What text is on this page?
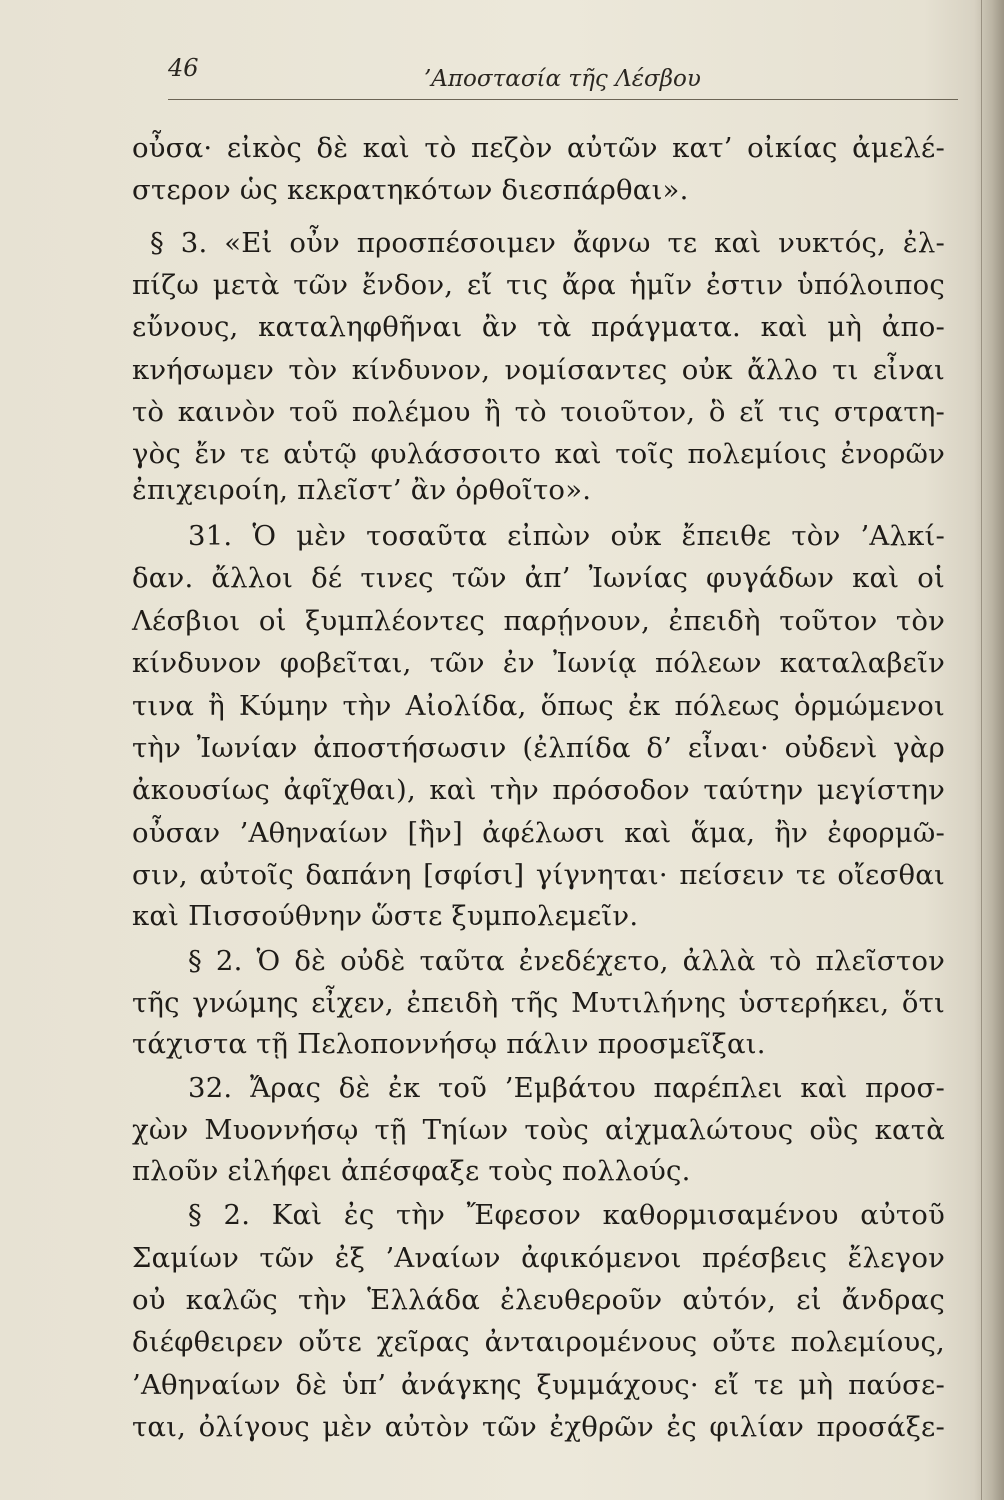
46	’Αποστασία τῆς Λέσβου
οὖσα· εἰκὸς δὲ καὶ τὸ πεζὸν αὐτῶν κατ’ οἰκίας ἀμελέ-
στερον ὡς κεκρατηκότων διεσπάρθαι».
§ 3. «Εἰ οὖν προσπέσοιμεν ἄφνω τε καὶ νυκτός, ἐλ-
πίζω μετὰ τῶν ἔνδον, εἴ τις ἄρα ἡμῖν ἐστιν ὑπόλοιπος
εὔνους, καταληφθῆναι ἂν τὰ πράγματα. καὶ μὴ ἀπο-
κνήσωμεν τὸν κίνδυνον, νομίσαντες οὐκ ἄλλο τι εἶναι
τὸ καινὸν τοῦ πολέμου ἢ τὸ τοιοῦτον, ὃ εἴ τις στρατη-
γὸς ἔν τε αὑτῷ φυλάσσοιτο καὶ τοῖς πολεμίοις ἐνορῶν
ἐπιχειροίη, πλεῖστ’ ἂν ὀρθοῖτο».
31. Ὁ μὲν τοσαῦτα εἰπὼν οὐκ ἔπειθε τὸν ’Αλκί-
δαν. ἄλλοι δέ τινες τῶν ἀπ’ Ἰωνίας φυγάδων καὶ οἱ
Λέσβιοι οἱ ξυμπλέοντες παρῄνουν, ἐπειδὴ τοῦτον τὸν
κίνδυνον φοβεῖται, τῶν ἐν Ἰωνίᾳ πόλεων καταλαβεῖν
τινα ἢ Κύμην τὴν Αἰολίδα, ὅπως ἐκ πόλεως ὁρμώμενοι
τὴν Ἰωνίαν ἀποστήσωσιν (ἐλπίδα δ’ εἶναι· οὐδενὶ γὰρ
ἀκουσίως ἀφῖχθαι), καὶ τὴν πρόσοδον ταύτην μεγίστην
οὖσαν ’Αθηναίων [ἣν] ἀφέλωσι καὶ ἅμα, ἢν ἐφορμῶ-
σιν, αὐτοῖς δαπάνη [σφίσι] γίγνηται· πείσειν τε οἴεσθαι
καὶ Πισσούθνην ὥστε ξυμπολεμεῖν.
§ 2. Ὁ δὲ οὐδὲ ταῦτα ἐνεδέχετο, ἀλλὰ τὸ πλεῖστον
τῆς γνώμης εἶχεν, ἐπειδὴ τῆς Μυτιλήνης ὑστερήκει, ὅτι
τάχιστα τῇ Πελοποννήσῳ πάλιν προσμεῖξαι.
32. Ἄρας δὲ ἐκ τοῦ ’Εμβάτου παρέπλει καὶ προσ-
χὼν Μυοννήσῳ τῇ Τηίων τοὺς αἰχμαλώτους οὓς κατὰ
πλοῦν εἰλήφει ἀπέσφαξε τοὺς πολλούς.
§ 2. Καὶ ἐς τὴν Ἔφεσον καθορμισαμένου αὐτοῦ
Σαμίων τῶν ἐξ ’Αναίων ἀφικόμενοι πρέσβεις ἔλεγον
οὐ καλῶς τὴν Ἑλλάδα ἐλευθεροῦν αὐτόν, εἰ ἄνδρας
διέφθειρεν οὔτε χεῖρας ἀνταιρομένους οὔτε πολεμίους,
’Αθηναίων δὲ ὑπ’ ἀνάγκης ξυμμάχους· εἴ τε μὴ παύσε-
ται, ὀλίγους μὲν αὐτὸν τῶν ἐχθρῶν ἐς φιλίαν προσάξε-
